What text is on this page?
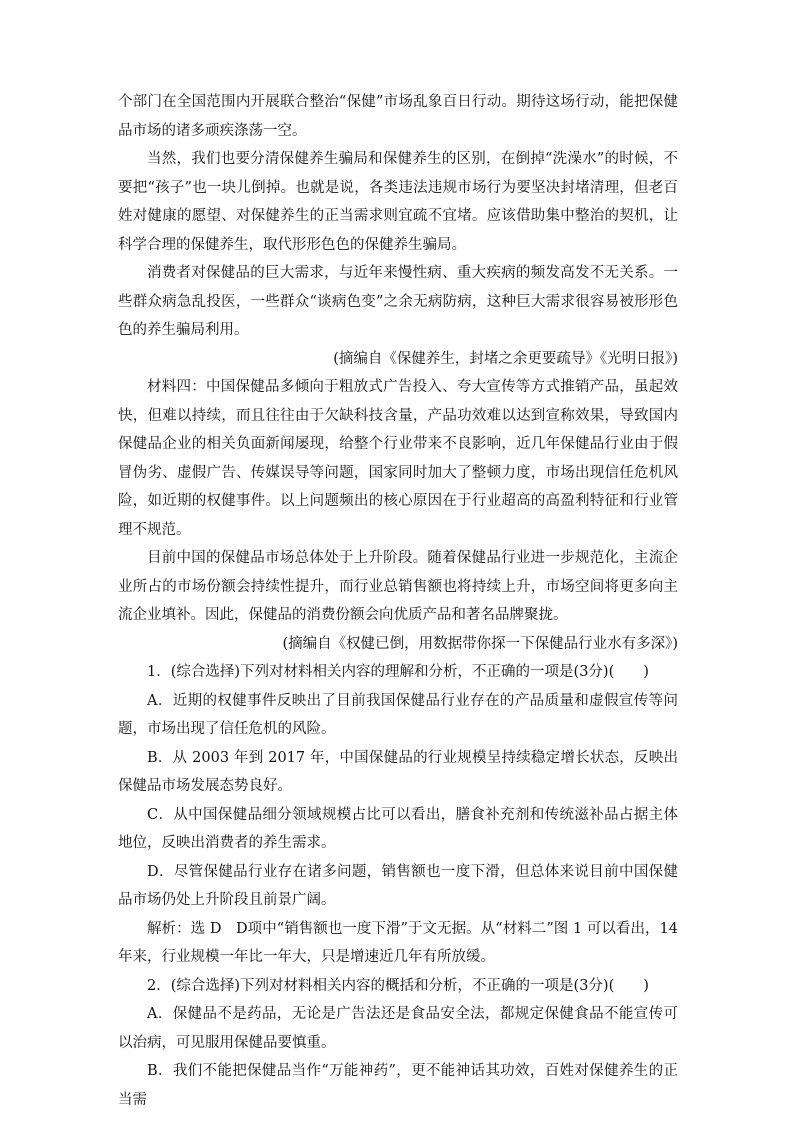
个部门在全国范围内开展联合整治“保健”市场乱象百日行动。期待这场行动，能把保健品市场的诸多顽疾涤荡一空。

当然，我们也要分清保健养生骗局和保健养生的区别，在倒掉“洗澡水”的时候，不要把“孩子”也一块儿倒掉。也就是说，各类违法违规市场行为要坚决封堵清理，但老百姓对健康的愿望、对保健养生的正当需求则宜疏不宜堵。应该借助集中整治的契机，让科学合理的保健养生，取代形形色色的保健养生骗局。

消费者对保健品的巨大需求，与近年来慢性病、重大疾病的频发高发不无关系。一些群众病急乱投医，一些群众“谈病色变”之余无病防病，这种巨大需求很容易被形形色色的养生骗局利用。

(摘编自《保健养生，封堵之余更要疏导》《光明日报》)

材料四：中国保健品多倾向于粗放式广告投入、夸大宣传等方式推销产品，虽起效快，但难以持续，而且往往由于欠缺科技含量，产品功效难以达到宣称效果，导致国内保健品企业的相关负面新闻屡现，给整个行业带来不良影响，近几年保健品行业由于假冒伪劣、虚假广告、传媒误导等问题，国家同时加大了整顿力度，市场出现信任危机风险，如近期的权健事件。以上问题频出的核心原因在于行业超高的高盈利特征和行业管理不规范。

目前中国的保健品市场总体处于上升阶段。随着保健品行业进一步规范化，主流企业所占的市场份额会持续性提升，而行业总销售额也将持续上升，市场空间将更多向主流企业填补。因此，保健品的消费份额会向优质产品和著名品牌聚拢。

(摘编自《权健已倒，用数据带你探一下保健品行业水有多深》)

1．(综合选择)下列对材料相关内容的理解和分析，不正确的一项是(3分)(　　)

A．近期的权健事件反映出了目前我国保健品行业存在的产品质量和虚假宣传等问题，市场出现了信任危机的风险。

B．从 2003 年到 2017 年，中国保健品的行业规模呈持续稳定增长状态，反映出保健品市场发展态势良好。

C．从中国保健品细分领域规模占比可以看出，膳食补充剂和传统滋补品占据主体地位，反映出消费者的养生需求。

D．尽管保健品行业存在诸多问题，销售额也一度下滑，但总体来说目前中国保健品市场仍处上升阶段且前景广阔。

解析：选 D　D项中“销售额也一度下滑”于文无据。从“材料二”图 1 可以看出，14 年来，行业规模一年比一年大，只是增速近几年有所放缓。

2．(综合选择)下列对材料相关内容的概括和分析，不正确的一项是(3分)(　　)

A．保健品不是药品，无论是广告法还是食品安全法，都规定保健食品不能宣传可以治病，可见服用保健品要慎重。

B．我们不能把保健品当作“万能神药”，更不能神话其功效，百姓对保健养生的正当需
